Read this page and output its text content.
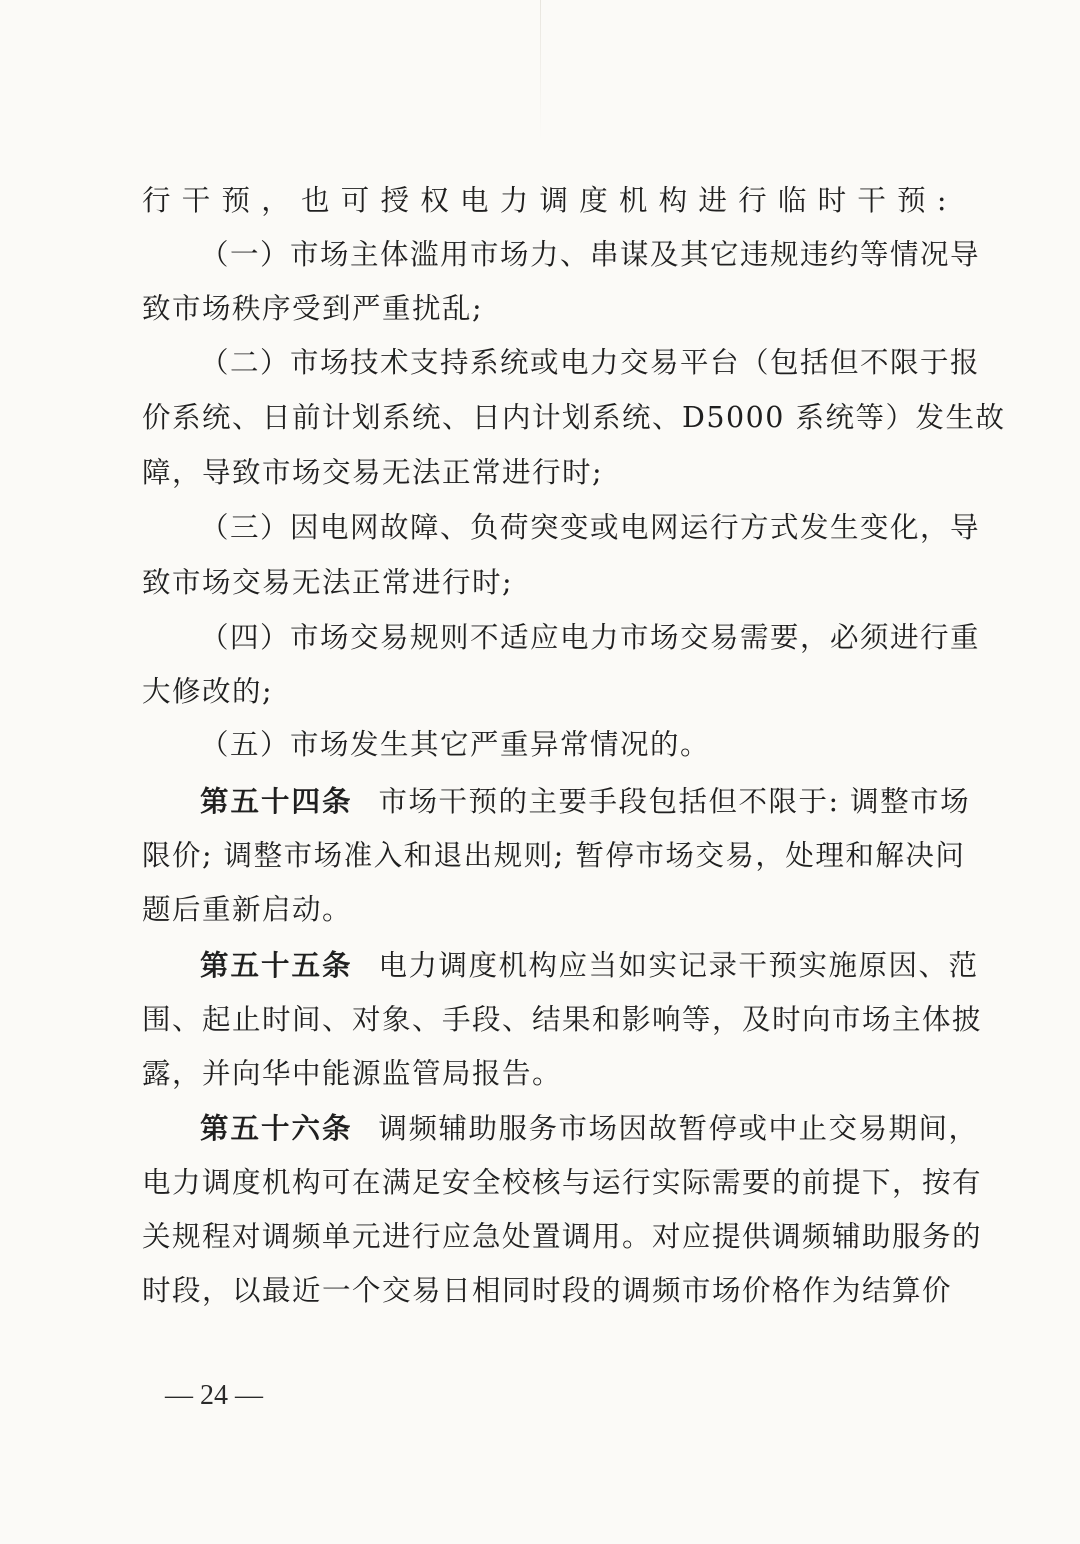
行干预，也可授权电力调度机构进行临时干预:
（一）市场主体滥用市场力、串谋及其它违规违约等情况导
致市场秩序受到严重扰乱;
（二）市场技术支持系统或电力交易平台（包括但不限于报
价系统、日前计划系统、日内计划系统、D5000 系统等）发生故
障，导致市场交易无法正常进行时;
（三）因电网故障、负荷突变或电网运行方式发生变化，导
致市场交易无法正常进行时;
（四）市场交易规则不适应电力市场交易需要，必须进行重
大修改的;
（五）市场发生其它严重异常情况的。
第五十四条 市场干预的主要手段包括但不限于: 调整市场
限价; 调整市场准入和退出规则; 暂停市场交易，处理和解决问
题后重新启动。
第五十五条 电力调度机构应当如实记录干预实施原因、范
围、起止时间、对象、手段、结果和影响等，及时向市场主体披
露，并向华中能源监管局报告。
第五十六条 调频辅助服务市场因故暂停或中止交易期间，
电力调度机构可在满足安全校核与运行实际需要的前提下，按有
关规程对调频单元进行应急处置调用。对应提供调频辅助服务的
时段，以最近一个交易日相同时段的调频市场价格作为结算价
— 24 —
